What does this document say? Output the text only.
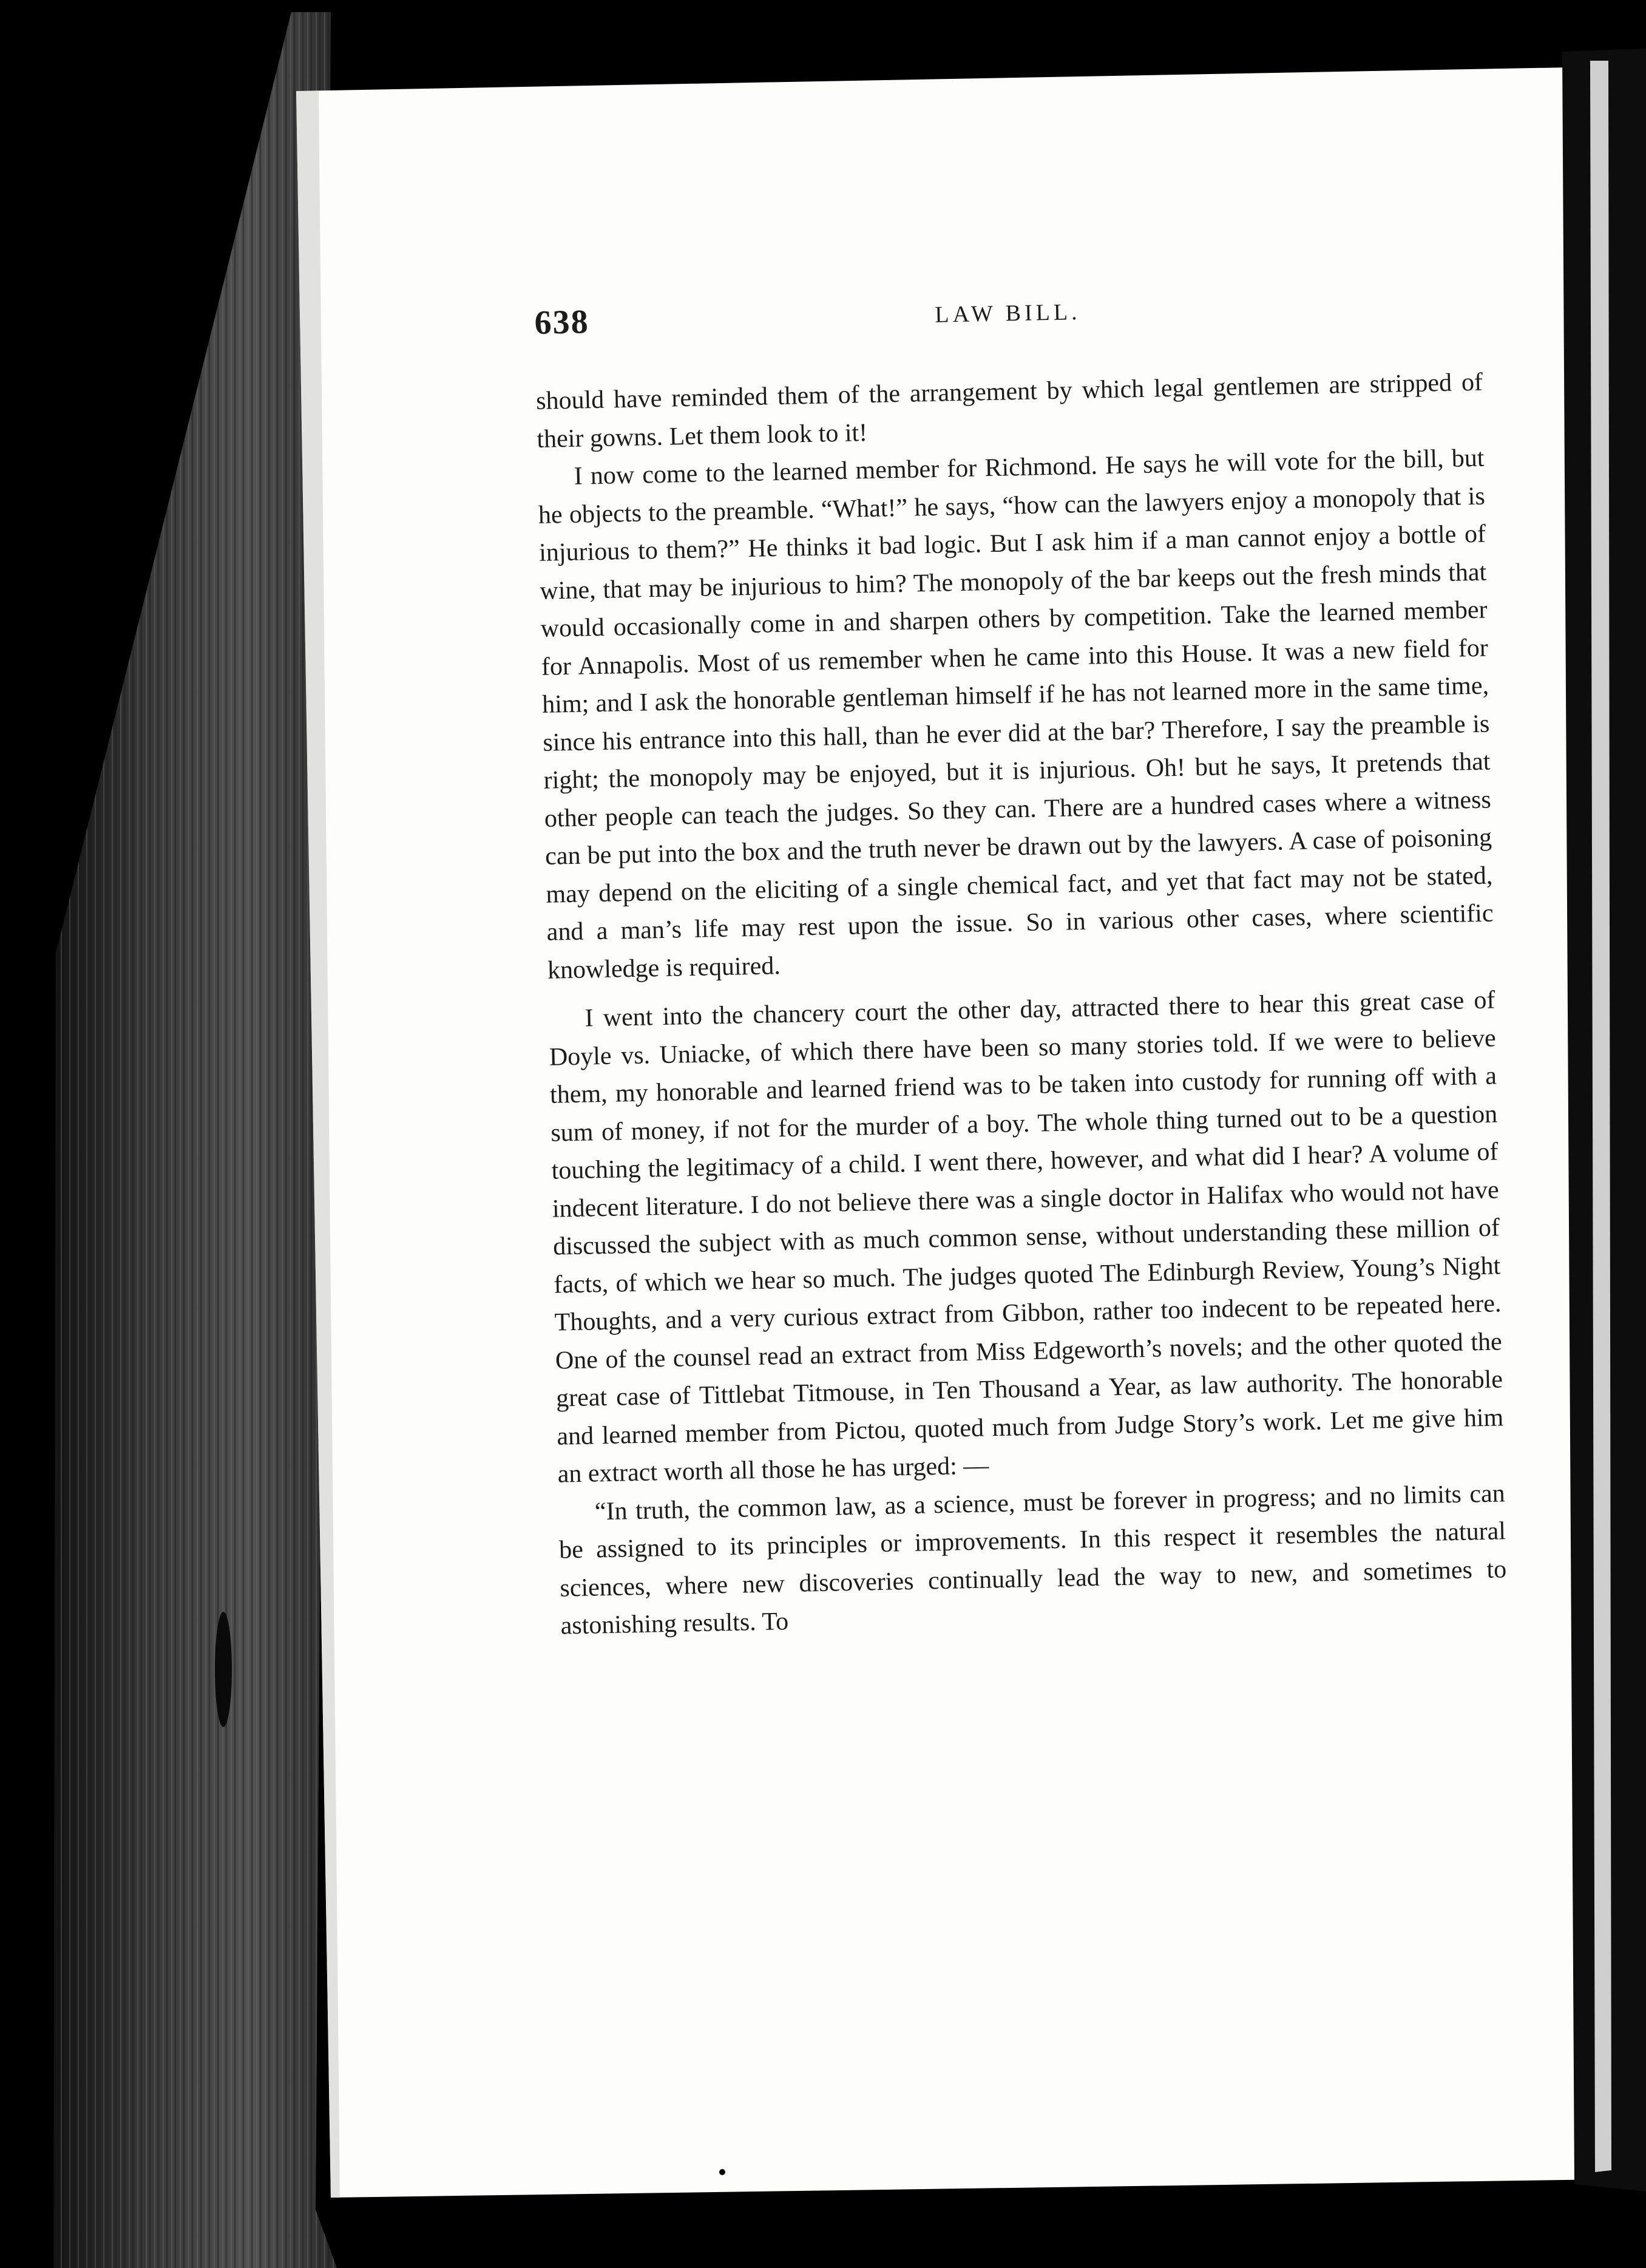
638	LAW BILL.

should have reminded them of the arrangement by which legal gentlemen are stripped of their gowns. Let them look to it!

I now come to the learned member for Richmond. He says he will vote for the bill, but he objects to the preamble. “What!” he says, “how can the lawyers enjoy a monopoly that is injurious to them?” He thinks it bad logic. But I ask him if a man cannot enjoy a bottle of wine, that may be injurious to him? The monopoly of the bar keeps out the fresh minds that would occasionally come in and sharpen others by competition. Take the learned member for Annapolis. Most of us remember when he came into this House. It was a new field for him; and I ask the honorable gentleman himself if he has not learned more in the same time, since his entrance into this hall, than he ever did at the bar? Therefore, I say the preamble is right; the monopoly may be enjoyed, but it is injurious. Oh! but he says, It pretends that other people can teach the judges. So they can. There are a hundred cases where a witness can be put into the box and the truth never be drawn out by the lawyers. A case of poisoning may depend on the eliciting of a single chemical fact, and yet that fact may not be stated, and a man’s life may rest upon the issue. So in various other cases, where scientific knowledge is required.

I went into the chancery court the other day, attracted there to hear this great case of Doyle vs. Uniacke, of which there have been so many stories told. If we were to believe them, my honorable and learned friend was to be taken into custody for running off with a sum of money, if not for the murder of a boy. The whole thing turned out to be a question touching the legitimacy of a child. I went there, however, and what did I hear? A volume of indecent literature. I do not believe there was a single doctor in Halifax who would not have discussed the subject with as much common sense, without understanding these million of facts, of which we hear so much. The judges quoted The Edinburgh Review, Young’s Night Thoughts, and a very curious extract from Gibbon, rather too indecent to be repeated here. One of the counsel read an extract from Miss Edgeworth’s novels; and the other quoted the great case of Tittlebat Titmouse, in Ten Thousand a Year, as law authority. The honorable and learned member from Pictou, quoted much from Judge Story’s work. Let me give him an extract worth all those he has urged: —

“In truth, the common law, as a science, must be forever in progress; and no limits can be assigned to its principles or improvements. In this respect it resembles the natural sciences, where new discoveries continually lead the way to new, and sometimes to astonishing results. To
